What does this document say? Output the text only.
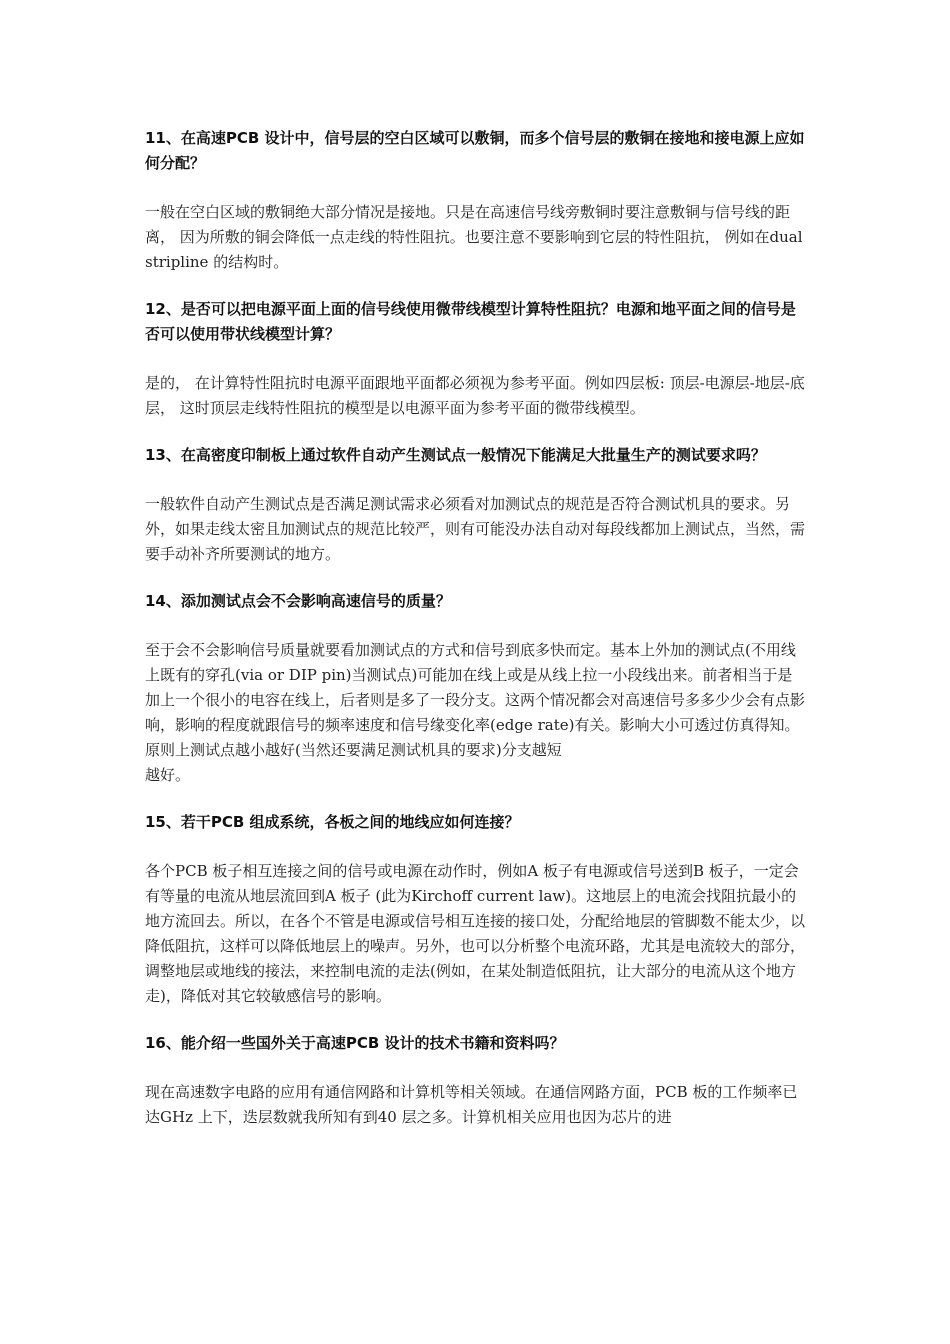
11、在高速PCB 设计中，信号层的空白区域可以敷铜，而多个信号层的敷铜在接地和接电源上应如何分配？

一般在空白区域的敷铜绝大部分情况是接地。只是在高速信号线旁敷铜时要注意敷铜与信号线的距离， 因为所敷的铜会降低一点走线的特性阻抗。也要注意不要影响到它层的特性阻抗， 例如在dual stripline 的结构时。

12、是否可以把电源平面上面的信号线使用微带线模型计算特性阻抗？电源和地平面之间的信号是否可以使用带状线模型计算？

是的， 在计算特性阻抗时电源平面跟地平面都必须视为参考平面。例如四层板: 顶层-电源层-地层-底层， 这时顶层走线特性阻抗的模型是以电源平面为参考平面的微带线模型。

13、在高密度印制板上通过软件自动产生测试点一般情况下能满足大批量生产的测试要求吗？

一般软件自动产生测试点是否满足测试需求必须看对加测试点的规范是否符合测试机具的要求。另外，如果走线太密且加测试点的规范比较严，则有可能没办法自动对每段线都加上测试点，当然，需要手动补齐所要测试的地方。

14、添加测试点会不会影响高速信号的质量？

至于会不会影响信号质量就要看加测试点的方式和信号到底多快而定。基本上外加的测试点(不用线上既有的穿孔(via or DIP pin)当测试点)可能加在线上或是从线上拉一小段线出来。前者相当于是加上一个很小的电容在线上，后者则是多了一段分支。这两个情况都会对高速信号多多少少会有点影响，影响的程度就跟信号的频率速度和信号缘变化率(edge rate)有关。影响大小可透过仿真得知。原则上测试点越小越好(当然还要满足测试机具的要求)分支越短
越好。

15、若干PCB 组成系统，各板之间的地线应如何连接？

各个PCB 板子相互连接之间的信号或电源在动作时，例如A 板子有电源或信号送到B 板子，一定会有等量的电流从地层流回到A 板子 (此为Kirchoff current law)。这地层上的电流会找阻抗最小的地方流回去。所以，在各个不管是电源或信号相互连接的接口处，分配给地层的管脚数不能太少，以降低阻抗，这样可以降低地层上的噪声。另外，也可以分析整个电流环路，尤其是电流较大的部分，调整地层或地线的接法，来控制电流的走法(例如，在某处制造低阻抗，让大部分的电流从这个地方走)，降低对其它较敏感信号的影响。

16、能介绍一些国外关于高速PCB 设计的技术书籍和资料吗？

现在高速数字电路的应用有通信网路和计算机等相关领域。在通信网路方面，PCB 板的工作频率已达GHz 上下，迭层数就我所知有到40 层之多。计算机相关应用也因为芯片的进
